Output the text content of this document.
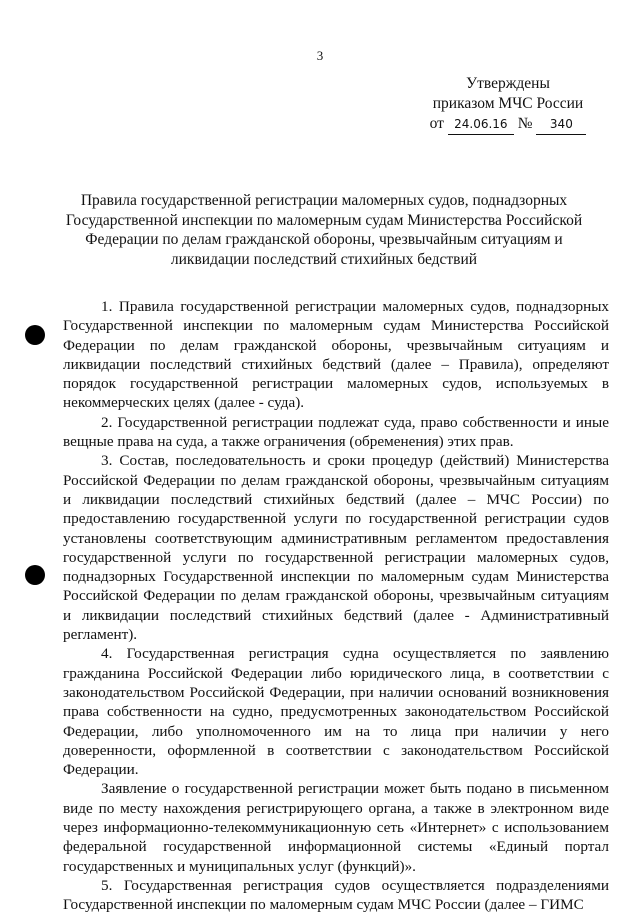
3
Утверждены
приказом МЧС России
от 24.06.16 № 340
Правила государственной регистрации маломерных судов, поднадзорных Государственной инспекции по маломерным судам Министерства Российской Федерации по делам гражданской обороны, чрезвычайным ситуациям и ликвидации последствий стихийных бедствий

1. Правила государственной регистрации маломерных судов, поднадзорных Государственной инспекции по маломерным судам Министерства Российской Федерации по делам гражданской обороны, чрезвычайным ситуациям и ликвидации последствий стихийных бедствий (далее – Правила), определяют порядок государственной регистрации маломерных судов, используемых в некоммерческих целях (далее - суда).

2. Государственной регистрации подлежат суда, право собственности и иные вещные права на суда, а также ограничения (обременения) этих прав.

3. Состав, последовательность и сроки процедур (действий) Министерства Российской Федерации по делам гражданской обороны, чрезвычайным ситуациям и ликвидации последствий стихийных бедствий (далее – МЧС России) по предоставлению государственной услуги по государственной регистрации судов установлены соответствующим административным регламентом предоставления государственной услуги по государственной регистрации маломерных судов, поднадзорных Государственной инспекции по маломерным судам Министерства Российской Федерации по делам гражданской обороны, чрезвычайным ситуациям и ликвидации последствий стихийных бедствий (далее - Административный регламент).

4. Государственная регистрация судна осуществляется по заявлению гражданина Российской Федерации либо юридического лица, в соответствии с законодательством Российской Федерации, при наличии оснований возникновения права собственности на судно, предусмотренных законодательством Российской Федерации, либо уполномоченного им на то лица при наличии у него доверенности, оформленной в соответствии с законодательством Российской Федерации.

Заявление о государственной регистрации может быть подано в письменном виде по месту нахождения регистрирующего органа, а также в электронном виде через информационно-телекоммуникационную сеть «Интернет» с использованием федеральной государственной информационной системы «Единый портал государственных и муниципальных услуг (функций)».

5. Государственная регистрация судов осуществляется подразделениями Государственной инспекции по маломерным судам МЧС России (далее – ГИМС
